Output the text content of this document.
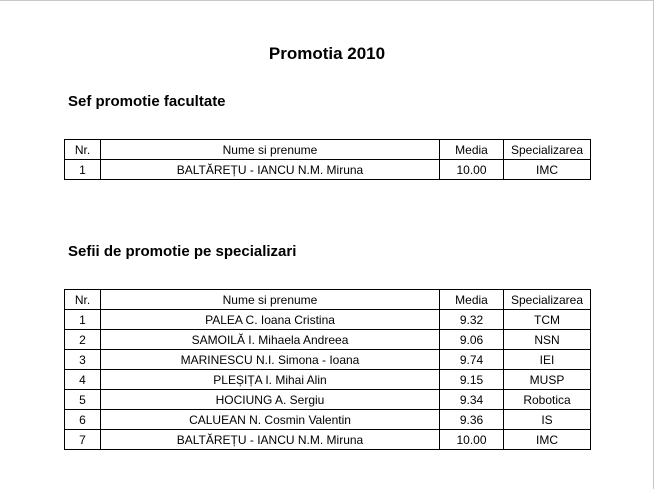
Promotia 2010
Sef promotie facultate
Nr.	Nume si prenume	Media	Specializarea
1	BALTĂREȚU - IANCU N.M. Miruna	10.00	IMC
Sefii de promotie pe specializari
Nr.	Nume si prenume	Media	Specializarea
1	PALEA C. Ioana Cristina	9.32	TCM
2	SAMOILĂ I. Mihaela Andreea	9.06	NSN
3	MARINESCU N.I. Simona - Ioana	9.74	IEI
4	PLEȘIȚA I. Mihai Alin	9.15	MUSP
5	HOCIUNG A. Sergiu	9.34	Robotica
6	CALUEAN N. Cosmin Valentin	9.36	IS
7	BALTĂREȚU - IANCU N.M. Miruna	10.00	IMC
